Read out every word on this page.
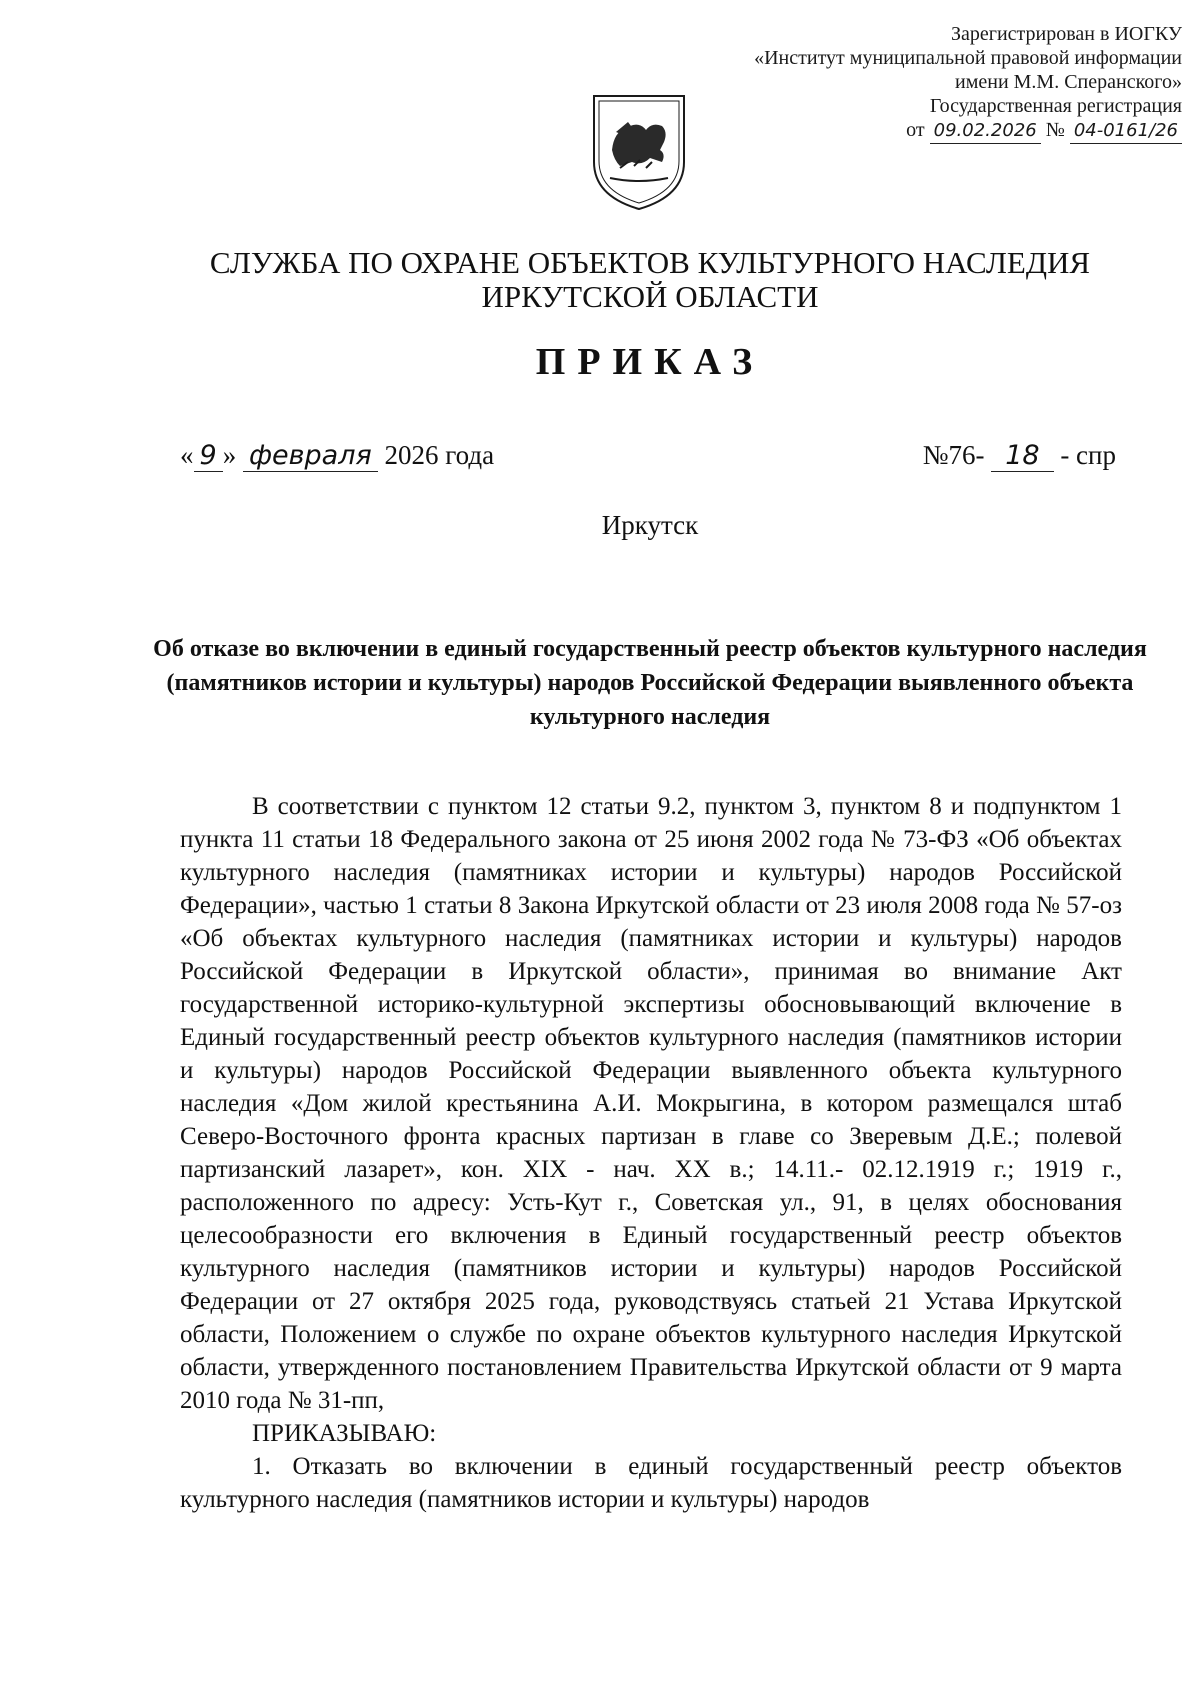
Зарегистрирован в ИОГКУ
«Институт муниципальной правовой информации
имени М.М. Сперанского»
Государственная регистрация
от 09.02.2026 № 04-0161/26
СЛУЖБА ПО ОХРАНЕ ОБЪЕКТОВ КУЛЬТУРНОГО НАСЛЕДИЯ
ИРКУТСКОЙ ОБЛАСТИ
ПРИКАЗ
« 9 » февраля 2026 года	№76- 18 - спр
Иркутск
Об отказе во включении в единый государственный реестр объектов культурного наследия (памятников истории и культуры) народов Российской Федерации выявленного объекта культурного наследия

В соответствии с пунктом 12 статьи 9.2, пунктом 3, пунктом 8 и подпунктом 1 пункта 11 статьи 18 Федерального закона от 25 июня 2002 года № 73-ФЗ «Об объектах культурного наследия (памятниках истории и культуры) народов Российской Федерации», частью 1 статьи 8 Закона Иркутской области от 23 июля 2008 года № 57-оз «Об объектах культурного наследия (памятниках истории и культуры) народов Российской Федерации в Иркутской области», принимая во внимание Акт государственной историко-культурной экспертизы обосновывающий включение в Единый государственный реестр объектов культурного наследия (памятников истории и культуры) народов Российской Федерации выявленного объекта культурного наследия «Дом жилой крестьянина А.И. Мокрыгина, в котором размещался штаб Северо-Восточного фронта красных партизан в главе со Зверевым Д.Е.; полевой партизанский лазарет», кон. XIX - нач. XX в.; 14.11.- 02.12.1919 г.; 1919 г., расположенного по адресу: Усть-Кут г., Советская ул., 91, в целях обоснования целесообразности его включения в Единый государственный реестр объектов культурного наследия (памятников истории и культуры) народов Российской Федерации от 27 октября 2025 года, руководствуясь статьей 21 Устава Иркутской области, Положением о службе по охране объектов культурного наследия Иркутской области, утвержденного постановлением Правительства Иркутской области от 9 марта 2010 года № 31-пп,

ПРИКАЗЫВАЮ:

1. Отказать во включении в единый государственный реестр объектов культурного наследия (памятников истории и культуры) народов
